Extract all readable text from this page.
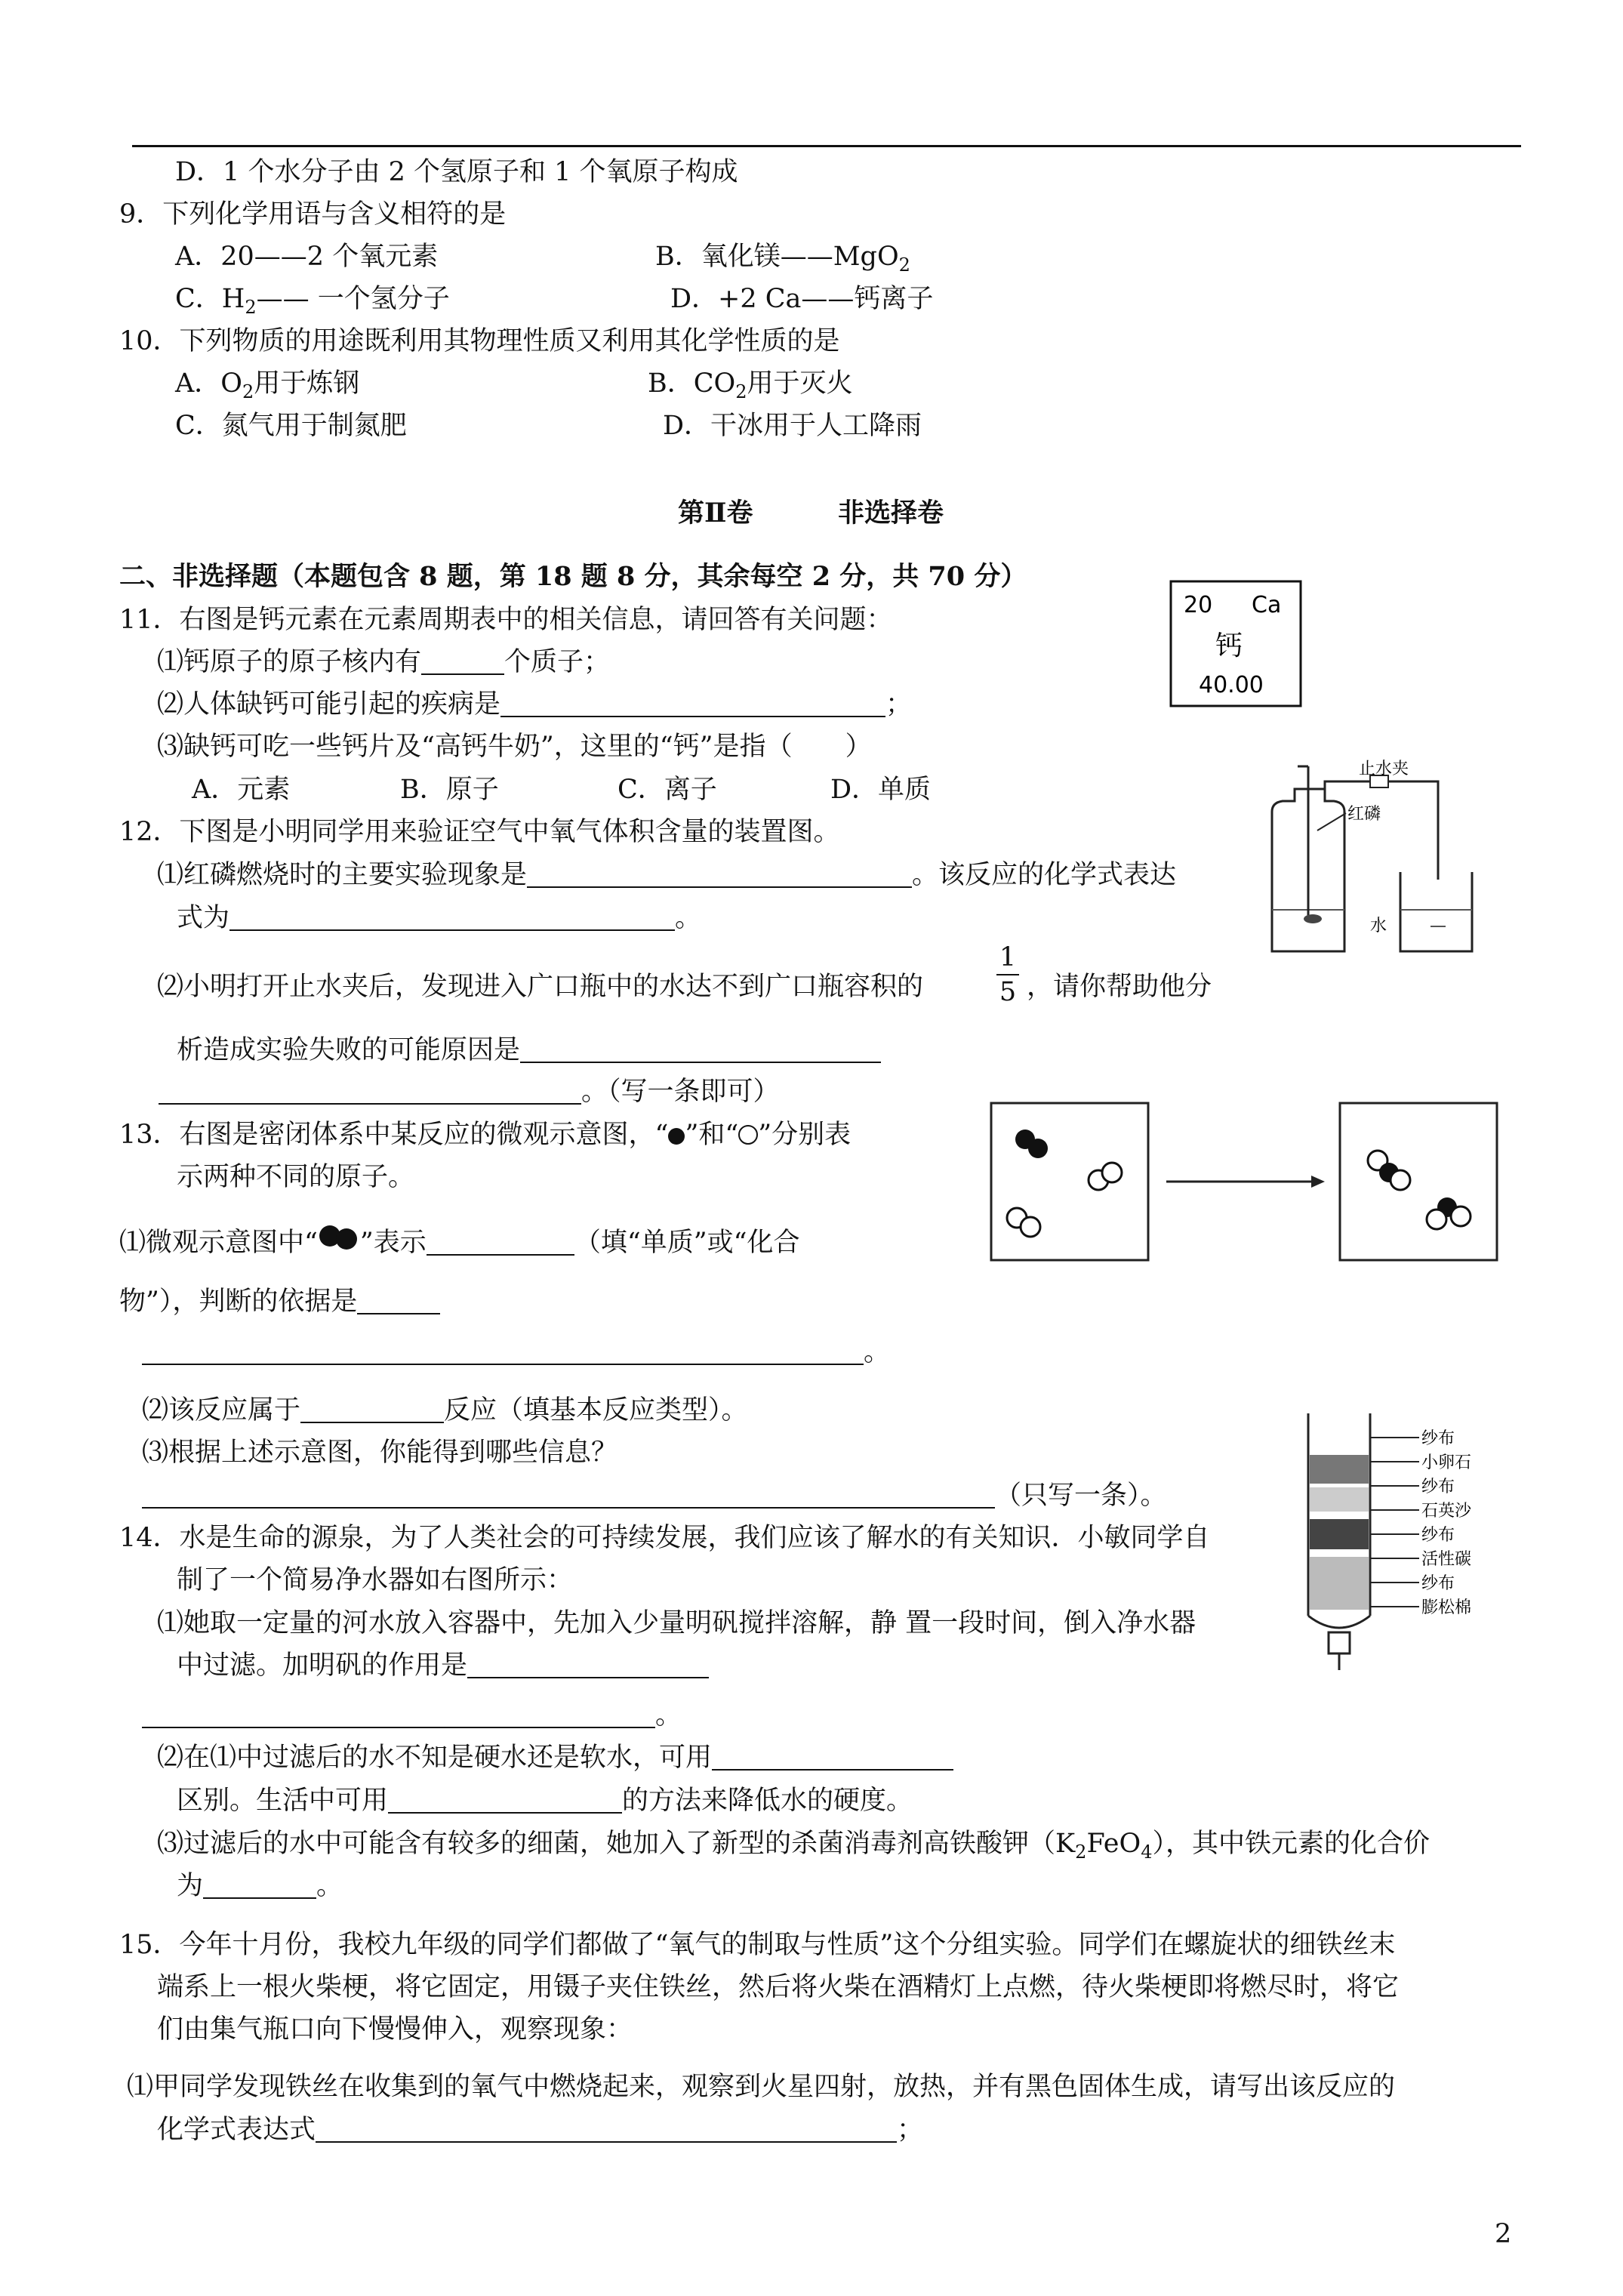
D．1 个水分子由 2 个氢原子和 1 个氧原子构成
9．下列化学用语与含义相符的是
A．20——2 个氧元素	B．氧化镁——MgO$_2$
C．$H_2——$ 一个氢分子	D．+2 Ca——钙离子
10．下列物质的用途既利用其物理性质又利用其化学性质的是
A．$O_2$用于炼钢	B．$CO_2$用于灭火
C．氮气用于制氮肥	D．干冰用于人工降雨
第Ⅱ卷	非选择卷
二、非选择题（本题包含 8 题，第 18 题 8 分，其余每空 2 分，共 70 分）
11．右图是钙元素在元素周期表中的相关信息，请回答有关问题：
⑴钙原子的原子核内有	个质子；
⑵人体缺钙可能引起的疾病是	；
⑶缺钙可吃一些钙片及“高钙牛奶”，这里的“钙”是指（　　）
A．元素	B．原子	C．离子	D．单质
20 Ca
钙
40.00
12．下图是小明同学用来验证空气中氧气体积含量的装置图。
⑴红磷燃烧时的主要实验现象是	。该反应的化学式表达
式为	。
⑵小明打开止水夹后，发现进入广口瓶中的水达不到广口瓶容积的
1
5 ，请你帮助他分
析造成实验失败的可能原因是
。（写一条即可）
止水夹
红磷
水
13．右图是密闭体系中某反应的微观示意图，“ ”和“ ”分别表
示两种不同的原子。
⑴微观示意图中“ ”表示	（填“单质”或“化合
物”），判断的依据是
。
⑵该反应属于	反应（填基本反应类型）。
⑶根据上述示意图，你能得到哪些信息？
（只写一条）。
14．水是生命的源泉，为了人类社会的可持续发展，我们应该了解水的有关知识．小敏同学自
制了一个简易净水器如右图所示：
⑴她取一定量的河水放入容器中，先加入少量明矾搅拌溶解，静 置一段时间，倒入净水器
中过滤。加明矾的作用是
。
⑵在⑴中过滤后的水不知是硬水还是软水，可用
区别。生活中可用	的方法来降低水的硬度。
⑶过滤后的水中可能含有较多的细菌，她加入了新型的杀菌消毒剂高铁酸钾$(K_2FeO_4)$，其中铁元素的化合价
为	。
纱布
小卵石
纱布
石英沙
纱布
活性碳
纱布
膨松棉
15．今年十月份，我校九年级的同学们都做了“氧气的制取与性质”这个分组实验。同学们在螺旋状的细铁丝末
端系上一根火柴梗，将它固定，用镊子夹住铁丝，然后将火柴在酒精灯上点燃，待火柴梗即将燃尽时，将它
们由集气瓶口向下慢慢伸入，观察现象：
⑴甲同学发现铁丝在收集到的氧气中燃烧起来，观察到火星四射，放热，并有黑色固体生成，请写出该反应的
化学式表达式	；
2
